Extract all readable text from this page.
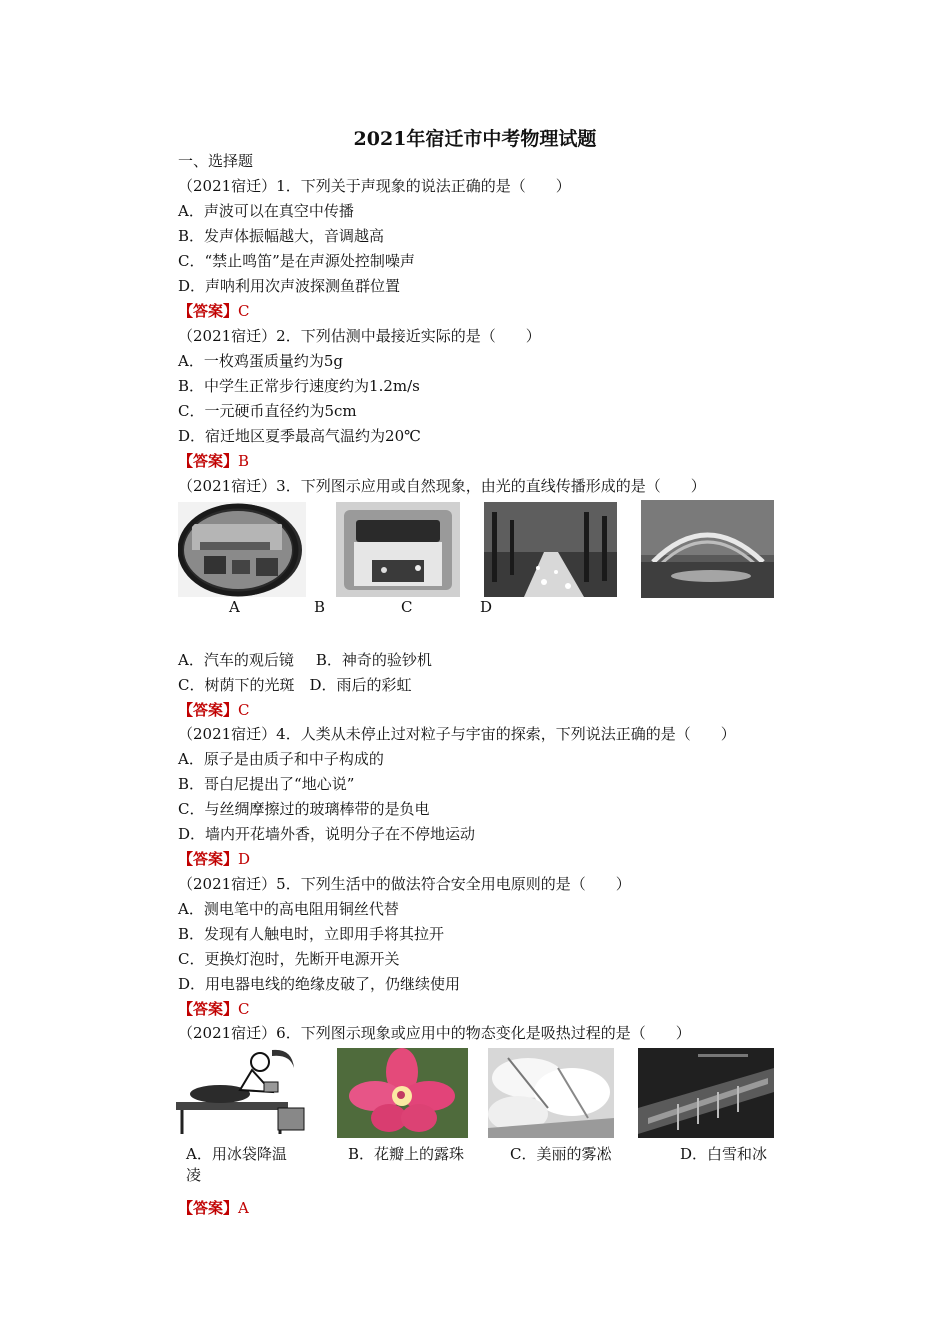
2021年宿迁市中考物理试题
一、选择题
（2021宿迁）1．下列关于声现象的说法正确的是（　　）
A．声波可以在真空中传播
B．发声体振幅越大，音调越高
C．“禁止鸣笛”是在声源处控制噪声
D．声呐利用次声波探测鱼群位置
【答案】C
（2021宿迁）2．下列估测中最接近实际的是（　　）
A．一枚鸡蛋质量约为5g
B．中学生正常步行速度约为1.2m/s
C．一元硬币直径约为5cm
D．宿迁地区夏季最高气温约为20℃
【答案】B
（2021宿迁）3．下列图示应用或自然现象，由光的直线传播形成的是（　　）
A	B	C	D
A．汽车的观后镜 B．神奇的验钞机
C．树荫下的光斑 D．雨后的彩虹
【答案】C
（2021宿迁）4．人类从未停止过对粒子与宇宙的探索，下列说法正确的是（　　）
A．原子是由质子和中子构成的
B．哥白尼提出了“地心说”
C．与丝绸摩擦过的玻璃棒带的是负电
D．墙内开花墙外香，说明分子在不停地运动
【答案】D
（2021宿迁）5．下列生活中的做法符合安全用电原则的是（　　）
A．测电笔中的高电阻用铜丝代替
B．发现有人触电时，立即用手将其拉开
C．更换灯泡时，先断开电源开关
D．用电器电线的绝缘皮破了，仍继续使用
【答案】C
（2021宿迁）6．下列图示现象或应用中的物态变化是吸热过程的是（　　）
A．用冰袋降温	B．花瓣上的露珠	C．美丽的雾凇	D．白雪和冰
凌
【答案】A
